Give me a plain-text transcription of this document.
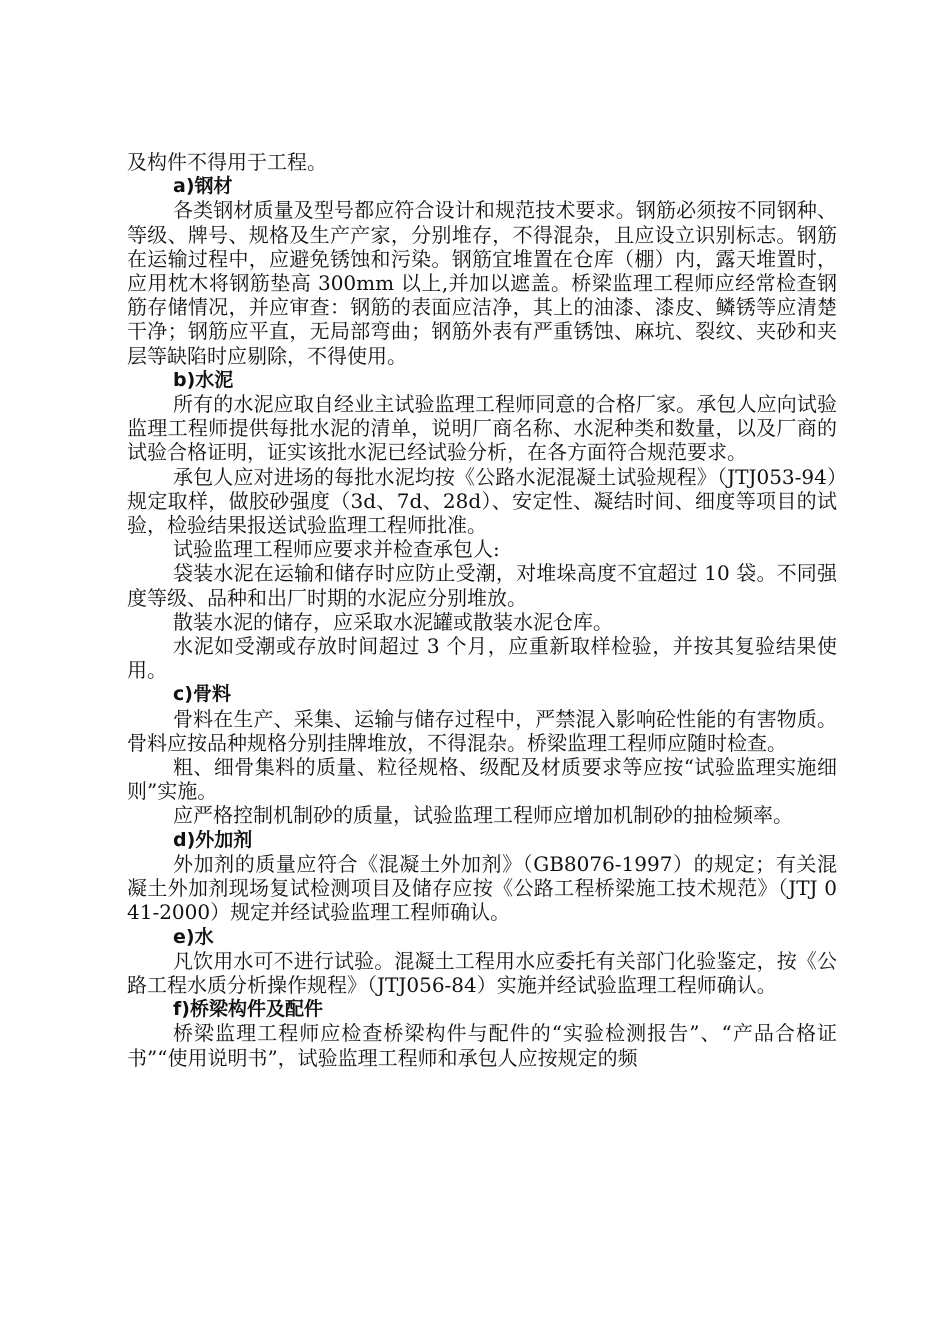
及构件不得用于工程。

a)钢材

各类钢材质量及型号都应符合设计和规范技术要求。钢筋必须按不同钢种、等级、牌号、规格及生产产家，分别堆存，不得混杂，且应设立识别标志。钢筋在运输过程中，应避免锈蚀和污染。钢筋宜堆置在仓库（棚）内，露天堆置时，应用枕木将钢筋垫高 300mm 以上,并加以遮盖。桥梁监理工程师应经常检查钢筋存储情况，并应审查：钢筋的表面应洁净，其上的油漆、漆皮、鳞锈等应清楚干净；钢筋应平直，无局部弯曲；钢筋外表有严重锈蚀、麻坑、裂纹、夹砂和夹层等缺陷时应剔除，不得使用。

b)水泥

所有的水泥应取自经业主试验监理工程师同意的合格厂家。承包人应向试验监理工程师提供每批水泥的清单，说明厂商名称、水泥种类和数量，以及厂商的试验合格证明，证实该批水泥已经试验分析，在各方面符合规范要求。

承包人应对进场的每批水泥均按《公路水泥混凝土试验规程》（JTJ053-94）规定取样，做胶砂强度（3d、7d、28d）、安定性、凝结时间、细度等项目的试验，检验结果报送试验监理工程师批准。

试验监理工程师应要求并检查承包人:

袋装水泥在运输和储存时应防止受潮，对堆垛高度不宜超过 10 袋。不同强度等级、品种和出厂时期的水泥应分别堆放。

散装水泥的储存，应采取水泥罐或散装水泥仓库。

水泥如受潮或存放时间超过 3 个月，应重新取样检验，并按其复验结果使用。

c)骨料

骨料在生产、采集、运输与储存过程中，严禁混入影响砼性能的有害物质。骨料应按品种规格分别挂牌堆放，不得混杂。桥梁监理工程师应随时检查。

粗、细骨集料的质量、粒径规格、级配及材质要求等应按“试验监理实施细则”实施。

应严格控制机制砂的质量，试验监理工程师应增加机制砂的抽检频率。

d)外加剂

外加剂的质量应符合《混凝土外加剂》（GB8076-1997）的规定；有关混凝土外加剂现场复试检测项目及储存应按《公路工程桥梁施工技术规范》（JTJ 041-2000）规定并经试验监理工程师确认。

e)水

凡饮用水可不进行试验。混凝土工程用水应委托有关部门化验鉴定，按《公路工程水质分析操作规程》（JTJ056-84）实施并经试验监理工程师确认。

f)桥梁构件及配件

桥梁监理工程师应检查桥梁构件与配件的“实验检测报告”、“产品合格证书”“使用说明书”，试验监理工程师和承包人应按规定的频
